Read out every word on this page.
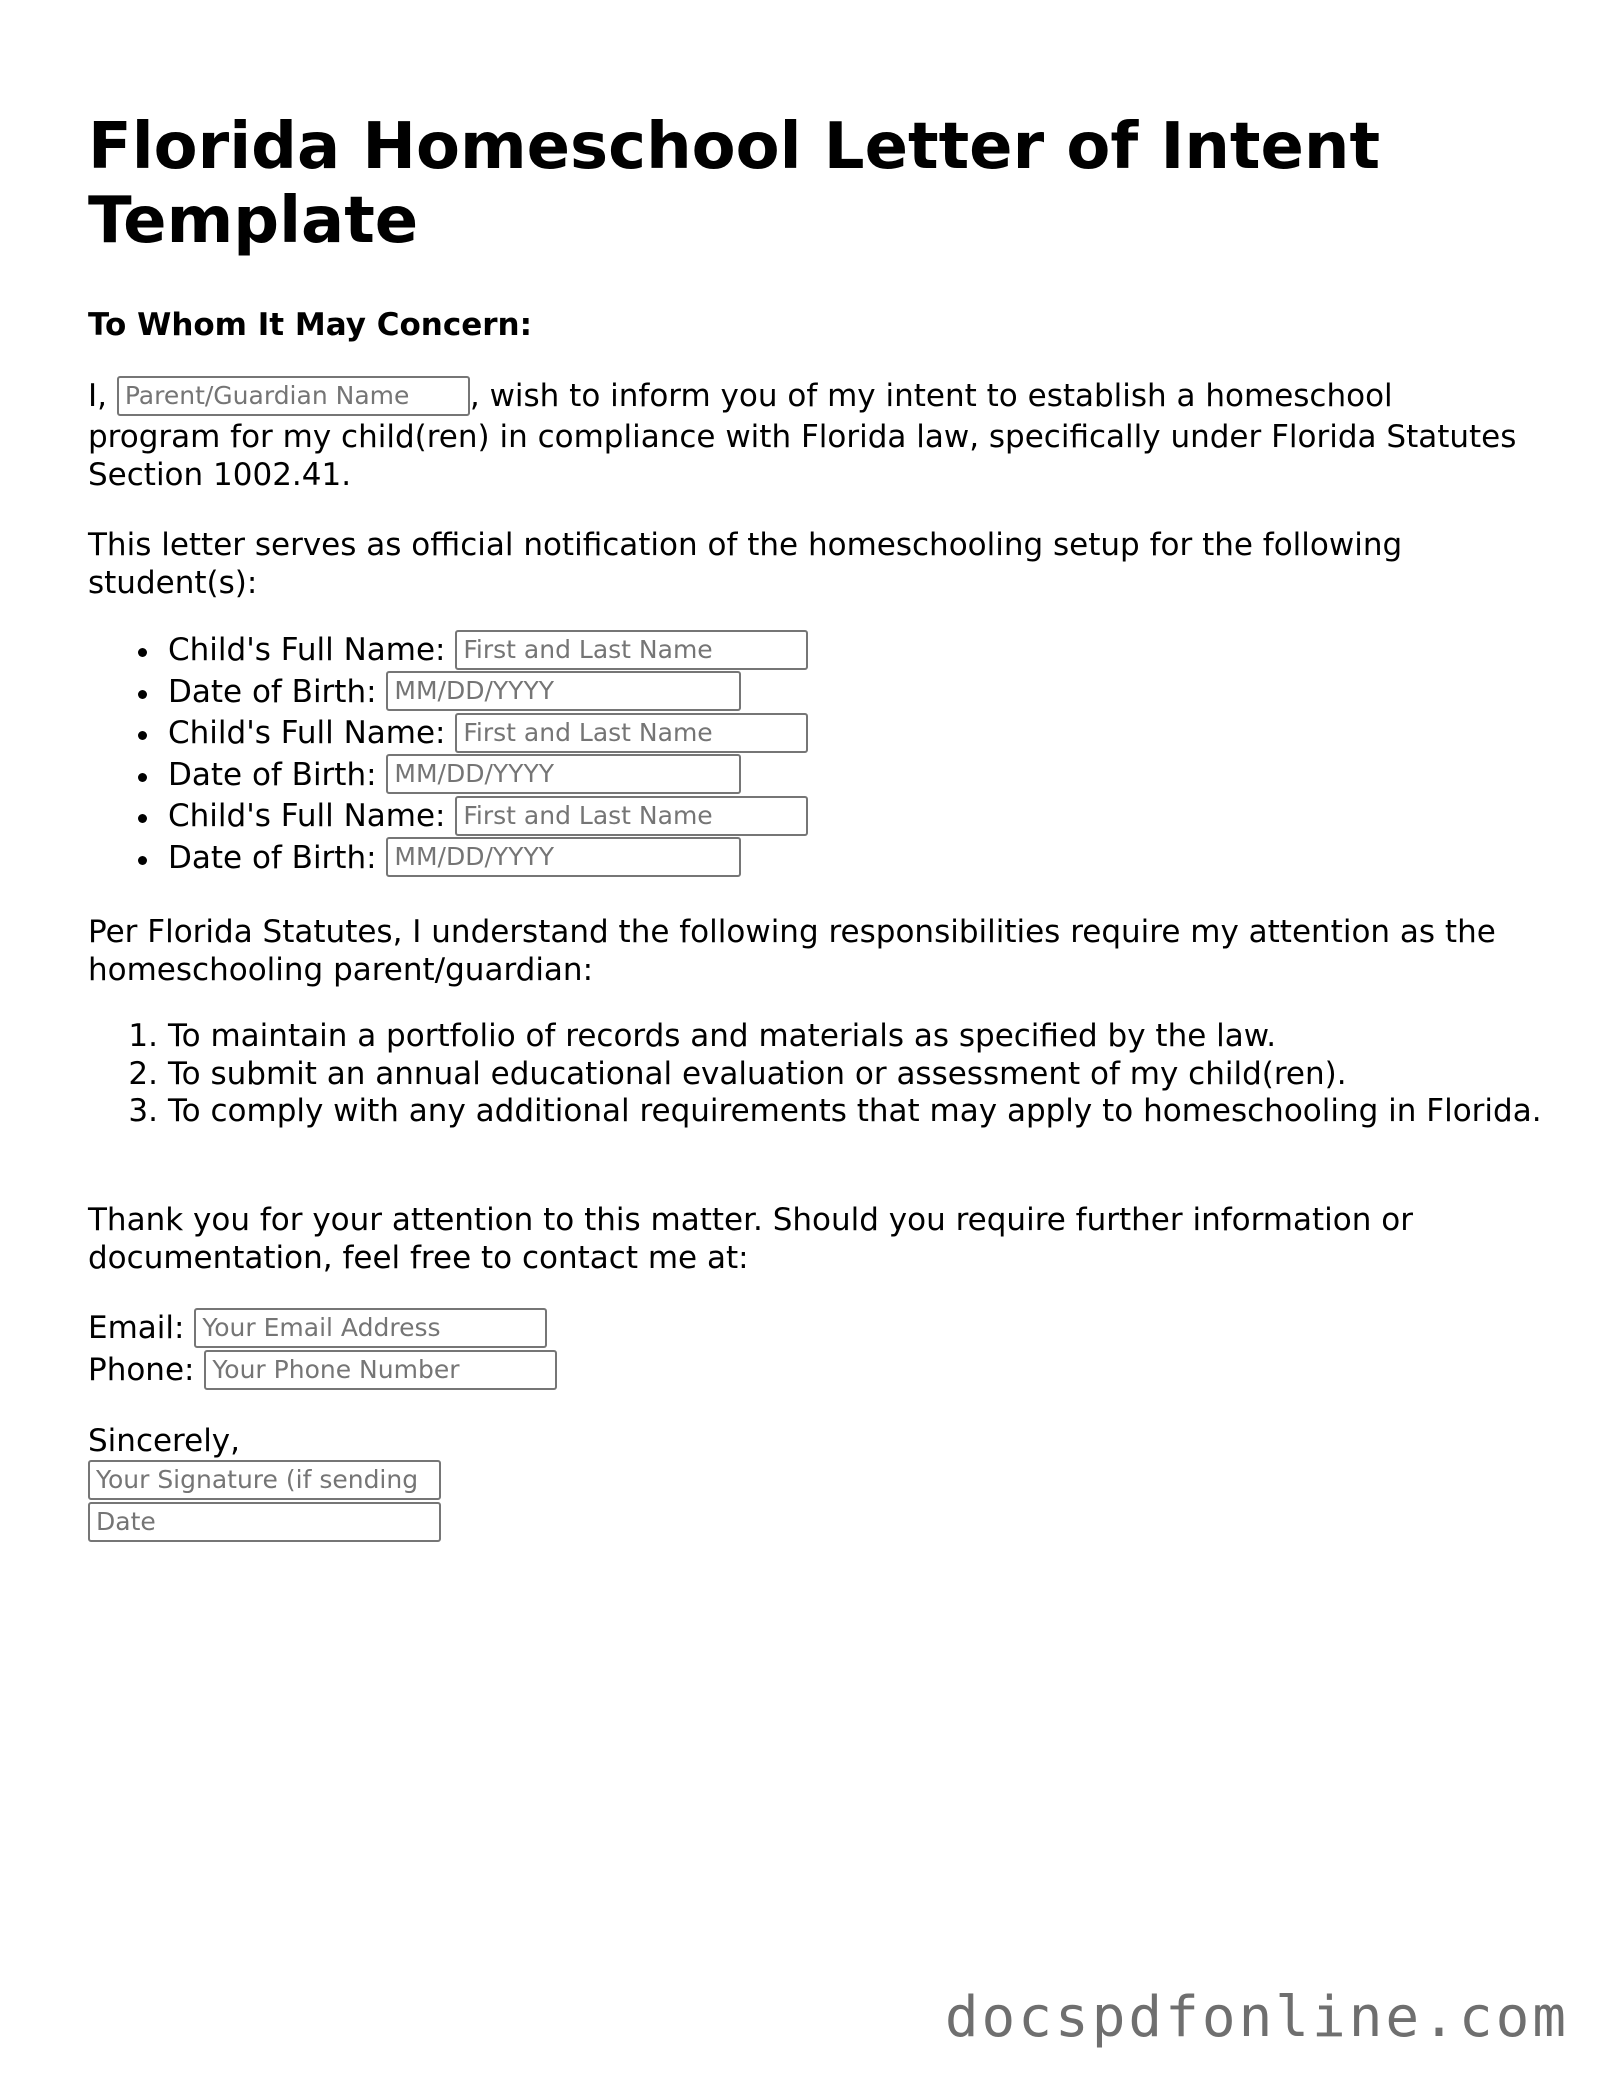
Florida Homeschool Letter of Intent Template

To Whom It May Concern:

I, Parent/Guardian Name , wish to inform you of my intent to establish a homeschool program for my child(ren) in compliance with Florida law, specifically under Florida Statutes Section 1002.41.

This letter serves as official notification of the homeschooling setup for the following student(s):

Child's Full Name: First and Last Name
Date of Birth: MM/DD/YYYY
Child's Full Name: First and Last Name
Date of Birth: MM/DD/YYYY
Child's Full Name: First and Last Name
Date of Birth: MM/DD/YYYY

Per Florida Statutes, I understand the following responsibilities require my attention as the homeschooling parent/guardian:

1. To maintain a portfolio of records and materials as specified by the law.
2. To submit an annual educational evaluation or assessment of my child(ren).
3. To comply with any additional requirements that may apply to homeschooling in Florida.

Thank you for your attention to this matter. Should you require further information or documentation, feel free to contact me at:

Email: Your Email Address

Phone: Your Phone Number

Sincerely,
Your Signature (if sending
Date
docspdfonline.com
